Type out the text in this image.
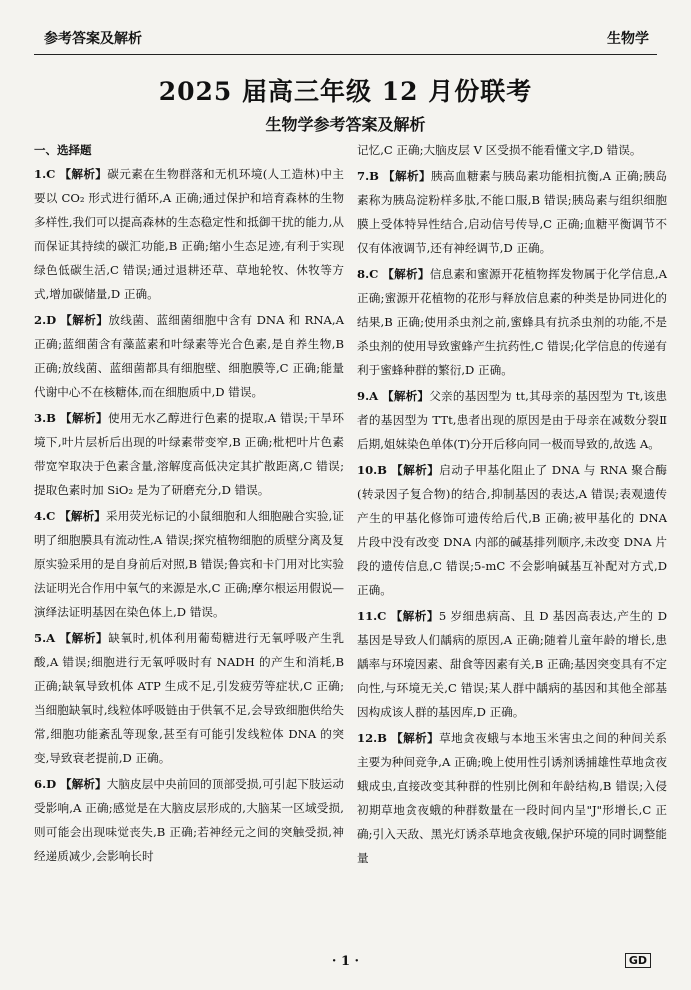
参考答案及解析	生物学
2025 届高三年级 12 月份联考
生物学参考答案及解析
一、选择题
1.C 【解析】碳元素在生物群落和无机环境(人工造林)中主要以 CO₂ 形式进行循环,A 正确;通过保护和培育森林的生物多样性,我们可以提高森林的生态稳定性和抵御干扰的能力,从而保证其持续的碳汇功能,B 正确;缩小生态足迹,有利于实现绿色低碳生活,C 错误;通过退耕还草、草地轮牧、休牧等方式,增加碳储量,D 正确。
2.D 【解析】放线菌、蓝细菌细胞中含有 DNA 和 RNA,A 正确;蓝细菌含有藻蓝素和叶绿素等光合色素,是自养生物,B 正确;放线菌、蓝细菌都具有细胞壁、细胞膜等,C 正确;能量代谢中心不在核糖体,而在细胞质中,D 错误。
3.B 【解析】使用无水乙醇进行色素的提取,A 错误;干旱环境下,叶片层析后出现的叶绿素带变窄,B 正确;枇杷叶片色素带宽窄取决于色素含量,溶解度高低决定其扩散距离,C 错误;提取色素时加 SiO₂ 是为了研磨充分,D 错误。
4.C 【解析】采用荧光标记的小鼠细胞和人细胞融合实验,证明了细胞膜具有流动性,A 错误;探究植物细胞的质壁分离及复原实验采用的是自身前后对照,B 错误;鲁宾和卡门用对比实验法证明光合作用中氧气的来源是水,C 正确;摩尔根运用假说—演绎法证明基因在染色体上,D 错误。
5.A 【解析】缺氧时,机体利用葡萄糖进行无氧呼吸产生乳酸,A 错误;细胞进行无氧呼吸时有 NADH 的产生和消耗,B 正确;缺氧导致机体 ATP 生成不足,引发疲劳等症状,C 正确;当细胞缺氧时,线粒体呼吸链由于供氧不足,会导致细胞供给失常,细胞功能紊乱等现象,甚至有可能引发线粒体 DNA 的突变,导致衰老提前,D 正确。
6.D 【解析】大脑皮层中央前回的顶部受损,可引起下肢运动受影响,A 正确;感觉是在大脑皮层形成的,大脑某一区域受损,则可能会出现味觉丧失,B 正确;若神经元之间的突触受损,神经递质减少,会影响长时
记忆,C 正确;大脑皮层 V 区受损不能看懂文字,D 错误。
7.B 【解析】胰高血糖素与胰岛素功能相抗衡,A 正确;胰岛素称为胰岛淀粉样多肽,不能口服,B 错误;胰岛素与组织细胞膜上受体特异性结合,启动信号传导,C 正确;血糖平衡调节不仅有体液调节,还有神经调节,D 正确。
8.C 【解析】信息素和蜜源开花植物挥发物属于化学信息,A 正确;蜜源开花植物的花形与释放信息素的种类是协同进化的结果,B 正确;使用杀虫剂之前,蜜蜂具有抗杀虫剂的功能,不是杀虫剂的使用导致蜜蜂产生抗药性,C 错误;化学信息的传递有利于蜜蜂种群的繁衍,D 正确。
9.A 【解析】父亲的基因型为 tt,其母亲的基因型为 Tt,该患者的基因型为 TTt,患者出现的原因是由于母亲在减数分裂Ⅱ后期,姐妹染色单体(T)分开后移向同一极而导致的,故选 A。
10.B 【解析】启动子甲基化阻止了 DNA 与 RNA 聚合酶(转录因子复合物)的结合,抑制基因的表达,A 错误;表观遗传产生的甲基化修饰可遗传给后代,B 正确;被甲基化的 DNA 片段中没有改变 DNA 内部的碱基排列顺序,未改变 DNA 片段的遗传信息,C 错误;5-mC 不会影响碱基互补配对方式,D 正确。
11.C 【解析】5 岁细患病高、且 D 基因高表达,产生的 D 基因是导致人们龋病的原因,A 正确;随着儿童年龄的增长,患龋率与环境因素、甜食等因素有关,B 正确;基因突变具有不定向性,与环境无关,C 错误;某人群中龋病的基因和其他全部基因构成该人群的基因库,D 正确。
12.B 【解析】草地贪夜蛾与本地玉米害虫之间的种间关系主要为种间竞争,A 正确;晚上使用性引诱剂诱捕雄性草地贪夜蛾成虫,直接改变其种群的性别比例和年龄结构,B 错误;入侵初期草地贪夜蛾的种群数量在一段时间内呈"J"形增长,C 正确;引入天敌、黑光灯诱杀草地贪夜蛾,保护环境的同时调整能量
· 1 ·	GD
